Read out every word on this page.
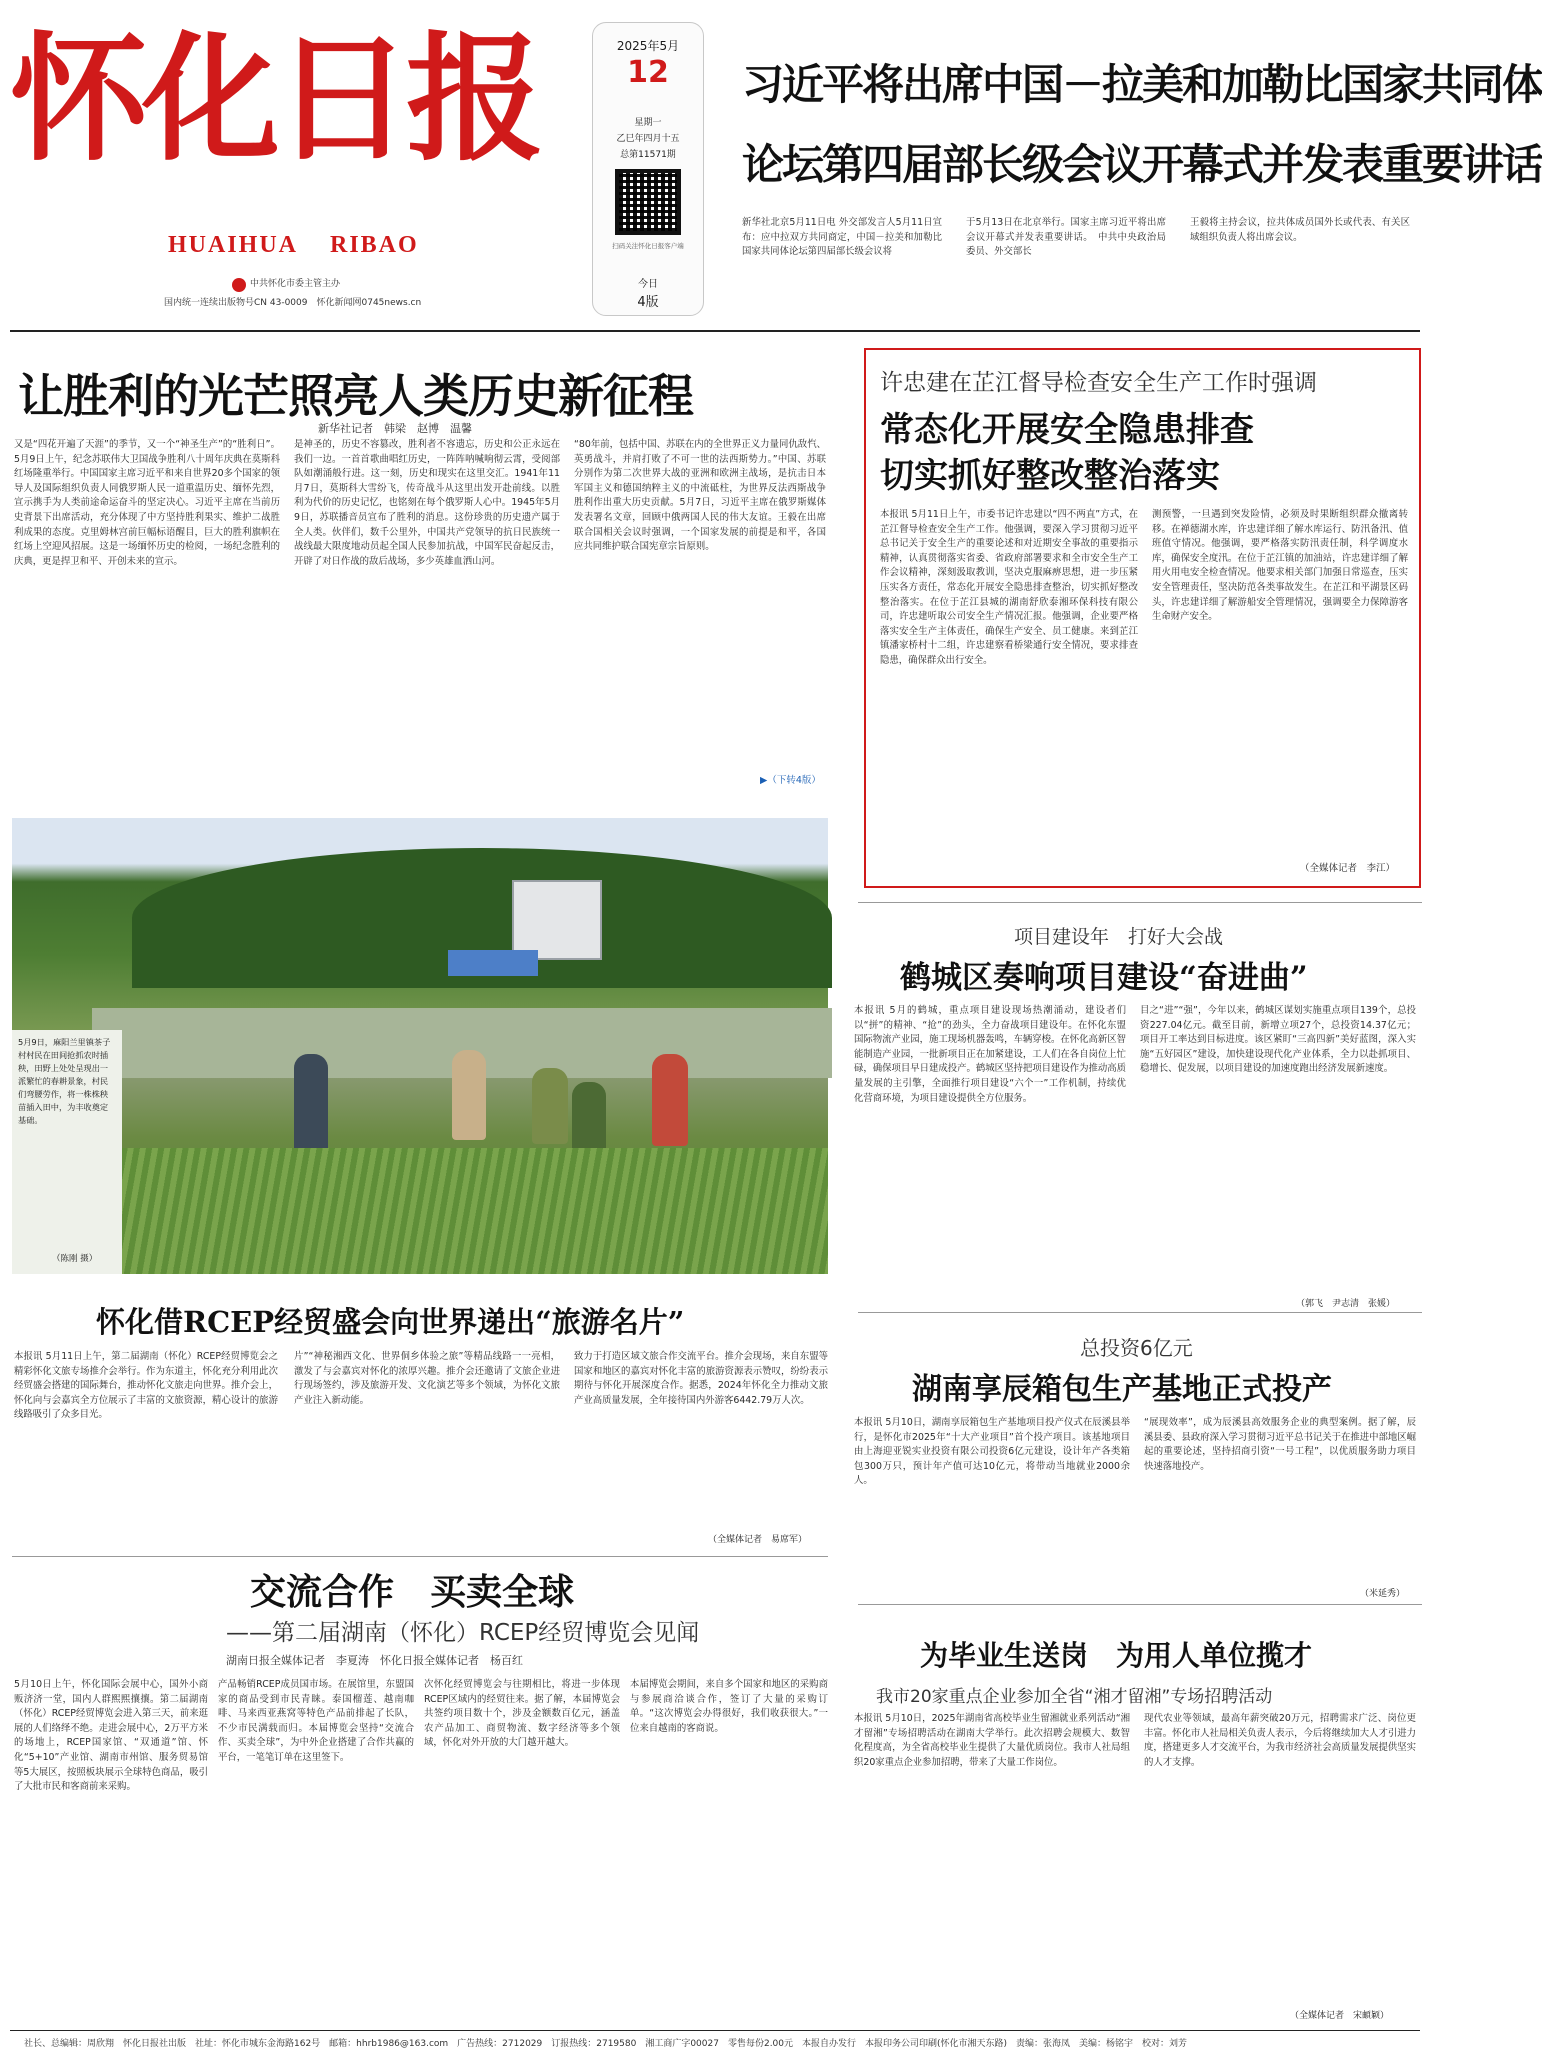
怀化日报
HUAIHUA RIBAO
中共怀化市委主管主办
国内统一连续出版物号CN 43-0009　 怀化新闻网0745news.cn
2025年5月
12
星期一
乙巳年四月十五
总第11571期
扫码关注怀化日报客户端
今日
4版
习近平将出席中国－拉美和加勒比国家共同体
论坛第四届部长级会议开幕式并发表重要讲话
新华社北京5月11日电 外交部发言人5月11日宣布：应中拉双方共同商定，中国－拉美和加勒比国家共同体论坛第四届部长级会议将
于5月13日在北京举行。国家主席习近平将出席会议开幕式并发表重要讲话。　中共中央政治局委员、外交部长
王毅将主持会议，拉共体成员国外长或代表、有关区域组织负责人将出席会议。
让胜利的光芒照亮人类历史新征程
新华社记者　韩梁　赵博　温馨
又是“四花开遍了天涯”的季节，又一个“神圣生产”的“胜利日”。5月9日上午，纪念苏联伟大卫国战争胜利八十周年庆典在莫斯科红场隆重举行。中国国家主席习近平和来自世界20多个国家的领导人及国际组织负责人同俄罗斯人民一道重温历史、缅怀先烈，宣示携手为人类前途命运奋斗的坚定决心。习近平主席在当前历史背景下出席活动，充分体现了中方坚持胜利果实、维护二战胜利成果的态度。克里姆林宫前巨幅标语醒目，巨大的胜利旗帜在红场上空迎风招展。这是一场缅怀历史的检阅，一场纪念胜利的庆典，更是捍卫和平、开创未来的宣示。
是神圣的，历史不容篡改，胜利者不容遗忘，历史和公正永远在我们一边。一首首歌曲唱红历史，一阵阵呐喊响彻云霄，受阅部队如潮涌般行进。这一刻，历史和现实在这里交汇。1941年11月7日，莫斯科大雪纷飞，传奇战斗从这里出发开赴前线。以胜利为代价的历史记忆，也铭刻在每个俄罗斯人心中。1945年5月9日，苏联播音员宣布了胜利的消息。这份珍贵的历史遗产属于全人类。伙伴们，数千公里外，中国共产党领导的抗日民族统一战线最大限度地动员起全国人民参加抗战，中国军民奋起反击，开辟了对日作战的敌后战场，多少英雄血洒山河。
“80年前，包括中国、苏联在内的全世界正义力量同仇敌忾、英勇战斗，并肩打败了不可一世的法西斯势力。”中国、苏联分别作为第二次世界大战的亚洲和欧洲主战场，是抗击日本军国主义和德国纳粹主义的中流砥柱，为世界反法西斯战争胜利作出重大历史贡献。5月7日，习近平主席在俄罗斯媒体发表署名文章，回顾中俄两国人民的伟大友谊。王毅在出席联合国相关会议时强调，一个国家发展的前提是和平，各国应共同维护联合国宪章宗旨原则。
▶（下转4版）
许忠建在芷江督导检查安全生产工作时强调
常态化开展安全隐患排查
切实抓好整改整治落实
本报讯 5月11日上午，市委书记许忠建以“四不两直”方式，在芷江督导检查安全生产工作。他强调，要深入学习贯彻习近平总书记关于安全生产的重要论述和对近期安全事故的重要指示精神，认真贯彻落实省委、省政府部署要求和全市安全生产工作会议精神，深刻汲取教训，坚决克服麻痹思想，进一步压紧压实各方责任，常态化开展安全隐患排查整治，切实抓好整改整治落实。在位于芷江县城的湖南舒欣泰湘环保科技有限公司，许忠建听取公司安全生产情况汇报。他强调，企业要严格落实安全生产主体责任，确保生产安全、员工健康。来到芷江镇潘家桥村十二组，许忠建察看桥梁通行安全情况，要求排查隐患，确保群众出行安全。
测预警，一旦遇到突发险情，必须及时果断组织群众撤离转移。在禅德湖水库，许忠建详细了解水库运行、防汛备汛、值班值守情况。他强调，要严格落实防汛责任制，科学调度水库，确保安全度汛。在位于芷江镇的加油站，许忠建详细了解用火用电安全检查情况。他要求相关部门加强日常巡查，压实安全管理责任，坚决防范各类事故发生。在芷江和平湖景区码头，许忠建详细了解游船安全管理情况，强调要全力保障游客生命财产安全。
（全媒体记者　李江）
5月9日，麻阳兰里镇茶子村村民在田间抢抓农时插秧，田野上处处呈现出一派繁忙的春耕景象，村民们弯腰劳作，将一株株秧苗插入田中，为丰收奠定基础。
（陈刚 摄）
项目建设年　打好大会战
鹤城区奏响项目建设“奋进曲”
本报讯 5月的鹤城，重点项目建设现场热潮涌动，建设者们以“拼”的精神、“抢”的劲头，全力奋战项目建设年。在怀化东盟国际物流产业园，施工现场机器轰鸣，车辆穿梭。在怀化高新区智能制造产业园，一批新项目正在加紧建设，工人们在各自岗位上忙碌，确保项目早日建成投产。鹤城区坚持把项目建设作为推动高质量发展的主引擎，全面推行项目建设“六个一”工作机制，持续优化营商环境，为项目建设提供全方位服务。
目之“进”“强”，今年以来，鹤城区谋划实施重点项目139个，总投资227.04亿元。截至目前，新增立项27个，总投资14.37亿元；项目开工率达到目标进度。该区紧盯“三高四新”美好蓝图，深入实施“五好园区”建设，加快建设现代化产业体系，全力以赴抓项目、稳增长、促发展，以项目建设的加速度跑出经济发展新速度。
（郭飞　尹志清　张媛）
怀化借RCEP经贸盛会向世界递出“旅游名片”
本报讯 5月11日上午，第二届湖南（怀化）RCEP经贸博览会之精彩怀化文旅专场推介会举行。作为东道主，怀化充分利用此次经贸盛会搭建的国际舞台，推动怀化文旅走向世界。推介会上，怀化向与会嘉宾全方位展示了丰富的文旅资源，精心设计的旅游线路吸引了众多目光。
片”“神秘湘西文化、世界侗乡体验之旅”等精品线路一一亮相，激发了与会嘉宾对怀化的浓厚兴趣。推介会还邀请了文旅企业进行现场签约，涉及旅游开发、文化演艺等多个领域，为怀化文旅产业注入新动能。
致力于打造区域文旅合作交流平台。推介会现场，来自东盟等国家和地区的嘉宾对怀化丰富的旅游资源表示赞叹，纷纷表示期待与怀化开展深度合作。据悉，2024年怀化全力推动文旅产业高质量发展，全年接待国内外游客6442.79万人次。
（全媒体记者　易席军）
总投资6亿元
湖南享辰箱包生产基地正式投产
本报讯 5月10日，湖南享辰箱包生产基地项目投产仪式在辰溪县举行，是怀化市2025年“十大产业项目”首个投产项目。该基地项目由上海迎亚锐实业投资有限公司投资6亿元建设，设计年产各类箱包300万只，预计年产值可达10亿元，将带动当地就业2000余人。
“展现效率”，成为辰溪县高效服务企业的典型案例。据了解，辰溪县委、县政府深入学习贯彻习近平总书记关于在推进中部地区崛起的重要论述，坚持招商引资“一号工程”，以优质服务助力项目快速落地投产。
（米延秀）
交流合作　买卖全球
——第二届湖南（怀化）RCEP经贸博览会见闻
湖南日报全媒体记者　李夏涛　怀化日报全媒体记者　杨百红
5月10日上午，怀化国际会展中心，国外小商贩济济一堂，国内人群熙熙攘攘。第二届湖南（怀化）RCEP经贸博览会进入第三天，前来逛展的人们络绎不绝。走进会展中心，2万平方米的场地上，RCEP国家馆、“双通道”馆、怀化“5+10”产业馆、湖南市州馆、服务贸易馆等5大展区，按照板块展示全球特色商品，吸引了大批市民和客商前来采购。
产品畅销RCEP成员国市场。在展馆里，东盟国家的商品受到市民青睐。泰国榴莲、越南咖啡、马来西亚燕窝等特色产品前排起了长队，不少市民满载而归。本届博览会坚持“交流合作、买卖全球”，为中外企业搭建了合作共赢的平台，一笔笔订单在这里签下。
次怀化经贸博览会与往期相比，将进一步体现RCEP区域内的经贸往来。据了解，本届博览会共签约项目数十个，涉及金额数百亿元，涵盖农产品加工、商贸物流、数字经济等多个领域，怀化对外开放的大门越开越大。
本届博览会期间，来自多个国家和地区的采购商与参展商洽谈合作，签订了大量的采购订单。“这次博览会办得很好，我们收获很大。”一位来自越南的客商说。
为毕业生送岗　为用人单位揽才
我市20家重点企业参加全省“湘才留湘”专场招聘活动
本报讯 5月10日，2025年湖南省高校毕业生留湘就业系列活动“湘才留湘”专场招聘活动在湖南大学举行。此次招聘会规模大、数智化程度高，为全省高校毕业生提供了大量优质岗位。我市人社局组织20家重点企业参加招聘，带来了大量工作岗位。
现代农业等领域，最高年薪突破20万元，招聘需求广泛、岗位更丰富。怀化市人社局相关负责人表示，今后将继续加大人才引进力度，搭建更多人才交流平台，为我市经济社会高质量发展提供坚实的人才支撑。
（全媒体记者　宋頔颖）
社长、总编辑：周欣翔　怀化日报社出版　社址：怀化市城东金海路162号　邮箱：hhrb1986@163.com　广告热线：2712029　订报热线：2719580　湘工商广字00027　零售每份2.00元　本报自办发行　本报印务公司印刷(怀化市湘天东路)　责编：张海凤　美编：杨铭宇　校对：刘芳
